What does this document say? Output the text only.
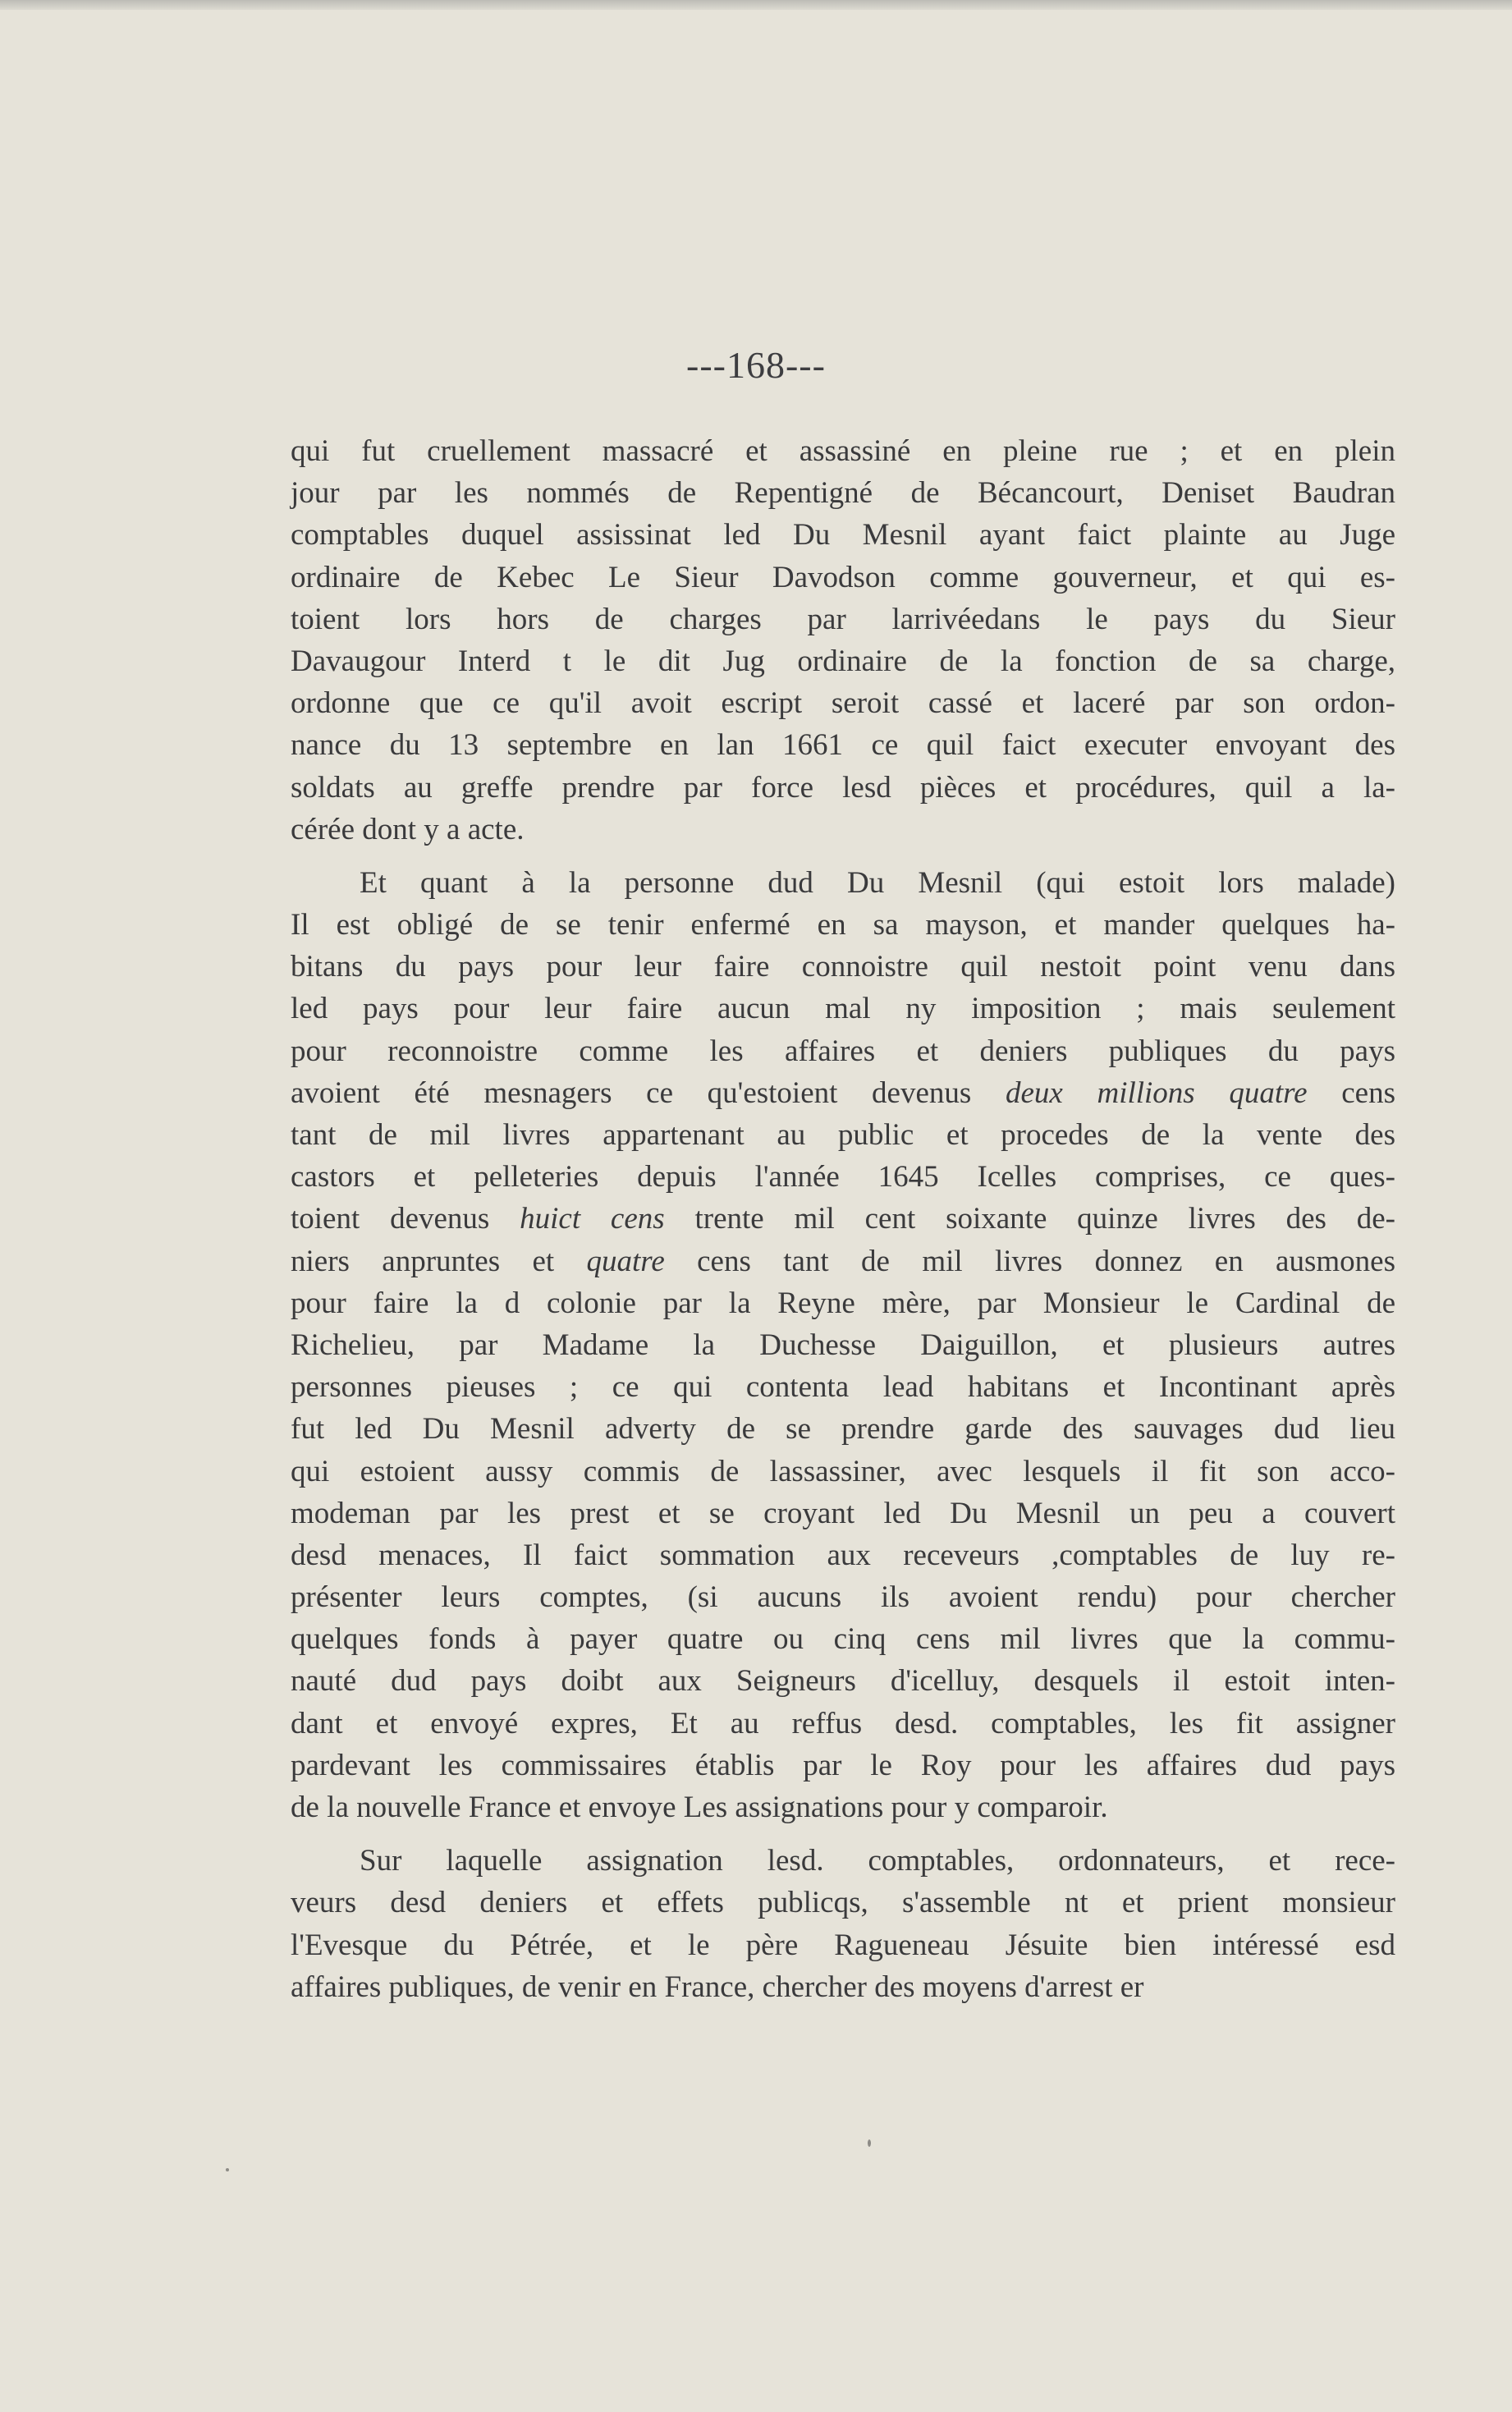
---168---
qui fut cruellement massacré et assassiné en pleine rue ; et en plein
jour par les nommés de Repentigné de Bécancourt, Deniset Baudran
comptables duquel assissinat led Du Mesnil ayant faict plainte au Juge
ordinaire de Kebec Le Sieur Davodson comme gouverneur, et qui es-
toient lors hors de charges par larrivéedans le pays du Sieur
Davaugour Interd t le dit Jug ordinaire de la fonction de sa charge,
ordonne que ce qu'il avoit escript seroit cassé et laceré par son ordon-
nance du 13 septembre en lan 1661 ce quil faict executer envoyant des
soldats au greffe prendre par force lesd pièces et procédures, quil a la-
cérée dont y a acte.
Et quant à la personne dud Du Mesnil (qui estoit lors malade)
Il est obligé de se tenir enfermé en sa mayson, et mander quelques ha-
bitans du pays pour leur faire connoistre quil nestoit point venu dans
led pays pour leur faire aucun mal ny imposition ; mais seulement
pour reconnoistre comme les affaires et deniers publiques du pays
avoient été mesnagers ce qu'estoient devenus deux millions quatre cens
tant de mil livres appartenant au public et procedes de la vente des
castors et pelleteries depuis l'année 1645 Icelles comprises, ce ques-
toient devenus huict cens trente mil cent soixante quinze livres des de-
niers anpruntes et quatre cens tant de mil livres donnez en ausmones
pour faire la d colonie par la Reyne mère, par Monsieur le Cardinal de
Richelieu, par Madame la Duchesse Daiguillon, et plusieurs autres
personnes pieuses ; ce qui contenta lead habitans et Incontinant après
fut led Du Mesnil adverty de se prendre garde des sauvages dud lieu
qui estoient aussy commis de lassassiner, avec lesquels il fit son acco-
modeman par les prest et se croyant led Du Mesnil un peu a couvert
desd menaces, Il faict sommation aux receveurs ,comptables de luy re-
présenter leurs comptes, (si aucuns ils avoient rendu) pour chercher
quelques fonds à payer quatre ou cinq cens mil livres que la commu-
nauté dud pays doibt aux Seigneurs d'icelluy, desquels il estoit inten-
dant et envoyé expres, Et au reffus desd. comptables, les fit assigner
pardevant les commissaires établis par le Roy pour les affaires dud pays
de la nouvelle France et envoye Les assignations pour y comparoir.
Sur laquelle assignation lesd. comptables, ordonnateurs, et rece-
veurs desd deniers et effets publicqs, s'assemble nt et prient monsieur
l'Evesque du Pétrée, et le père Ragueneau Jésuite bien intéressé esd
affaires publiques, de venir en France, chercher des moyens d'arrest er
